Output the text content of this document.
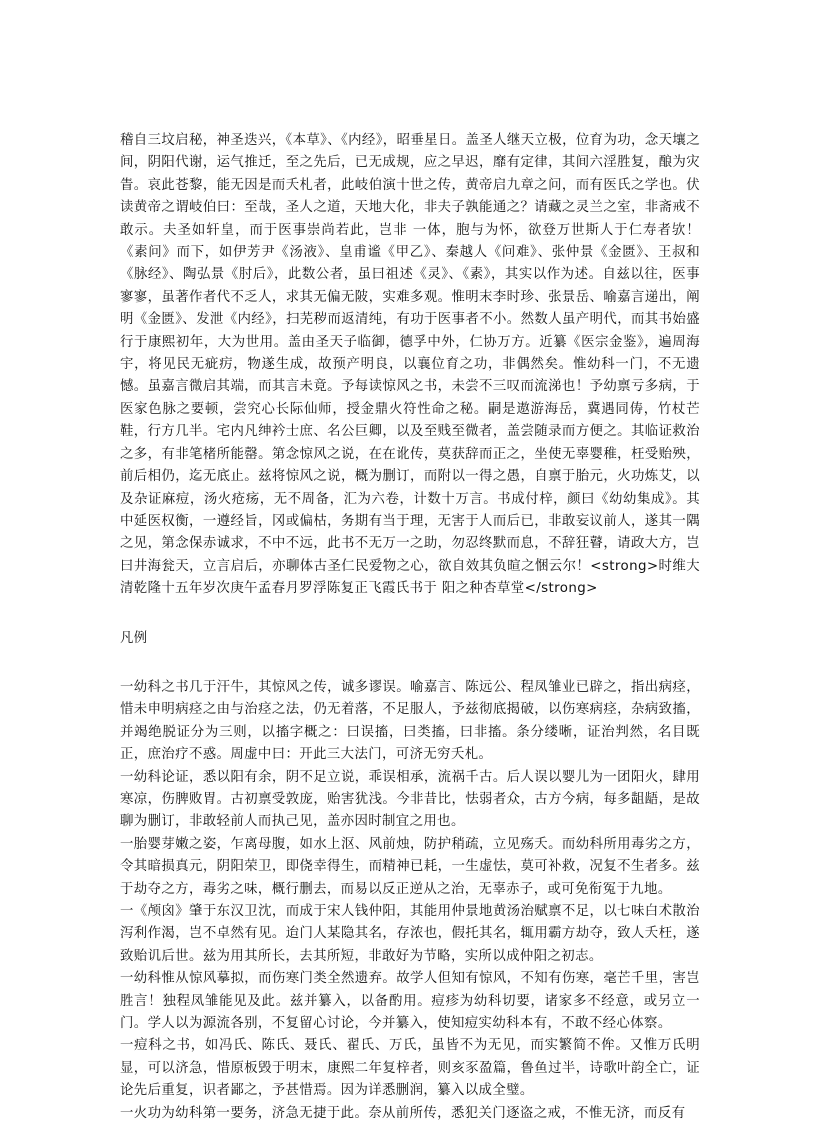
稽自三坟启秘，神圣迭兴，《本草》、《内经》，昭垂星日。盖圣人继天立极，位育为功，念天壤之间，阴阳代谢，运气推迁，至之先后，已无成规，应之早迟，靡有定律，其间六淫胜复，酿为灾眚。哀此苍黎，能无因是而夭札者，此岐伯演十世之传，黄帝启九章之问，而有医氏之学也。伏读黄帝之谓岐伯曰：至哉，圣人之道，天地大化，非夫子孰能通之？请藏之灵兰之室，非斋戒不敢示。夫圣如轩皇，而于医事崇尚若此，岂非 一体，胞与为怀，欲登万世斯人于仁寿者欤！《素问》而下，如伊芳尹《汤液》、皇甫谧《甲乙》、秦越人《问难》、张仲景《金匮》、王叔和《脉经》、陶弘景《肘后》，此数公者，虽曰祖述《灵》、《素》，其实以作为述。自兹以往，医事寥寥，虽著作者代不乏人，求其无偏无陂，实难多观。惟明末李时珍、张景岳、喻嘉言递出，阐明《金匮》、发泄《内经》，扫芜秽而返清纯，有功于医事者不小。然数人虽产明代，而其书始盛行于康熙初年，大为世用。盖由圣天子临御，德孚中外，仁协万方。近纂《医宗金鉴》，遍周海宇，将见民无疵疠，物遂生成，故预产明良，以襄位育之功，非偶然矣。惟幼科一门，不无遗憾。虽嘉言微启其端，而其言未竟。予每读惊风之书，未尝不三叹而流涕也！予幼禀亏多病，于医家色脉之要顿，尝究心长际仙师，授金鼎火符性命之秘。嗣是遨游海岳，冀遇同俦，竹杖芒鞋，行方几半。宅内凡绅衿士庶、名公巨卿，以及至贱至微者，盖尝随录而方便之。其临证救治之多，有非笔楮所能罄。第念惊风之说，在在讹传，莫获辞而正之，坐使无辜婴稚，枉受贻殃，前后相仍，迄无底止。兹将惊风之说，概为删订，而附以一得之愚，自禀于胎元，火功炼艾，以及杂证麻痘，汤火疮疡，无不周备，汇为六卷，计数十万言。书成付梓，颜曰《幼幼集成》。其中延医权衡，一遵经旨，冈或偏枯，务期有当于理，无害于人而后已，非敢妄议前人，遂其一隅之见，第念保赤诚求，不中不远，此书不无万一之助，勿忍终默而息，不辞狂瞽，请政大方，岂曰井海瓮天，立言启后，亦聊体古圣仁民爱物之心，欲自效其负暄之悃云尔！<strong>时维大清乾隆十五年岁次庚午孟春月罗浮陈复正飞霞氏书于 阳之种杏草堂</strong>

凡例

一幼科之书几于汗牛，其惊风之传，诚多谬误。喻嘉言、陈远公、程凤雏业已辟之，指出病痉，惜未申明病痉之由与治痉之法，仍无着落，不足服人，予兹彻底揭破，以伤寒病痉，杂病致搐，并竭绝脱证分为三则，以搐字概之：曰误搐，曰类搐，曰非搐。条分缕晰，证治判然，名目既正，庶治疗不惑。周虚中曰：开此三大法门，可济无穷夭札。

一幼科论证，悉以阳有余，阴不足立说，乖误相承，流祸千古。后人误以婴儿为一团阳火，肆用寒凉，伤脾败胃。古初禀受敦庞，贻害犹浅。今非昔比，怯弱者众，古方今病，每多龃龉，是故聊为删订，非敢轻前人而执己见，盖亦因时制宜之用也。

一胎婴芽嫩之姿，乍离母腹，如水上沤、风前烛，防护稍疏，立见殇夭。而幼科所用毒劣之方，令其暗损真元，阴阳荣卫，即侥幸得生，而精神已耗，一生虚怯，莫可补救，况复不生者多。兹于劫夺之方，毒劣之味，概行删去，而易以反正逆从之治，无辜赤子，或可免衔冤于九地。

一《颅囟》肇于东汉卫沈，而成于宋人钱仲阳，其能用仲景地黄汤治赋禀不足，以七味白术散治泻利作渴，岂不卓然有见。迨门人某隐其名，存浓也，假托其名，辄用霸方劫夺，致人夭枉，遂致贻讥后世。兹为用其所长，去其所短，非敢好为节略，实所以成仲阳之初志。

一幼科惟从惊风摹拟，而伤寒门类全然遗弃。故学人但知有惊风，不知有伤寒，毫芒千里，害岂胜言！独程凤雏能见及此。兹并纂入，以备酌用。痘疹为幼科切要，诸家多不经意，或另立一门。学人以为源流各别，不复留心讨论，今并纂入，使知痘实幼科本有，不敢不经心体察。

一痘科之书，如冯氏、陈氏、聂氏、翟氏、万氏，虽皆不为无见，而实繁简不侔。又惟万氏明显，可以济急，惜原板毁于明末，康熙二年复梓者，则亥豕盈篇，鲁鱼过半，诗歌叶韵全亡，证论先后重复，识者鄙之，予甚惜焉。因为详悉删润，纂入以成全璧。

一火功为幼科第一要务，济急无捷于此。奈从前所传，悉犯关门逐盗之戒，不惟无济，而反有
